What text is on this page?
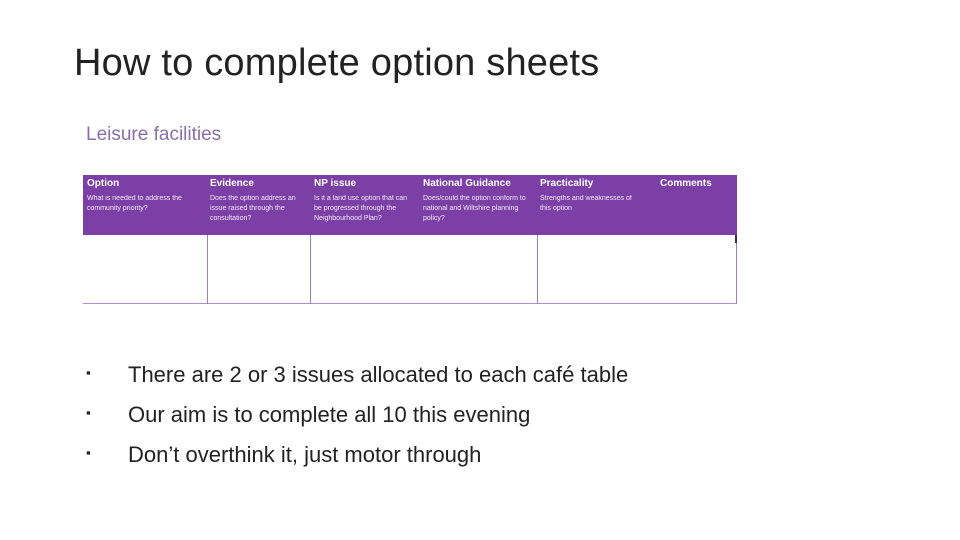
How to complete option sheets
Leisure facilities
Option
What is needed to address the community priority?
Evidence
Does the option address an issue raised through the consultation?
NP issue
Is it a land use option that can be progressed through the Neighbourhood Plan?
National Guidance
Does/could the option conform to national and Wiltshire planning policy?
Practicality
Strengths and weaknesses of this option
Comments
▪ There are 2 or 3 issues allocated to each café table
▪ Our aim is to complete all 10 this evening
▪ Don’t overthink it, just motor through
